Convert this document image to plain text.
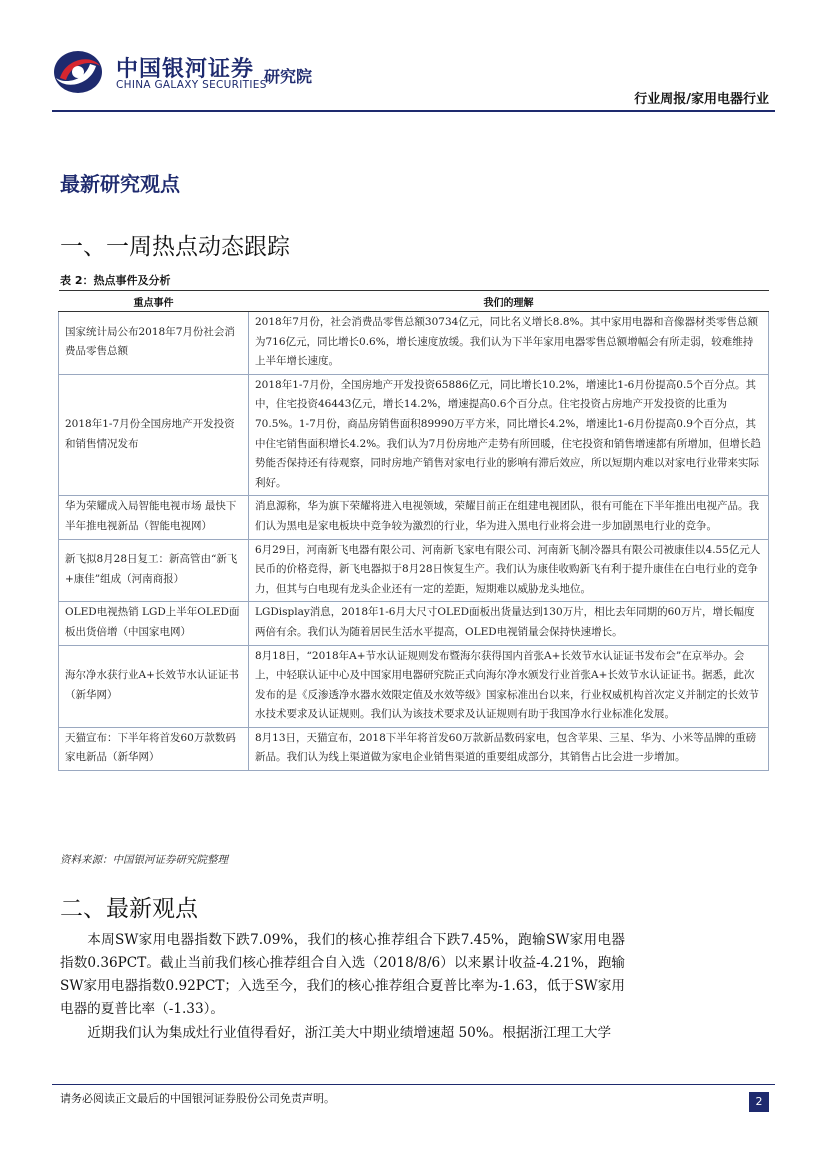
中国银河证券
CHINA GALAXY SECURITIES
研究院
行业周报/家用电器行业
最新研究观点
一、一周热点动态跟踪
表 2：热点事件及分析
重点事件	我们的理解
国家统计局公布2018年7月份社会消费品零售总额	2018年7月份，社会消费品零售总额30734亿元，同比名义增长8.8%。其中家用电器和音像器材类零售总额为716亿元，同比增长0.6%，增长速度放缓。我们认为下半年家用电器零售总额增幅会有所走弱，较难维持上半年增长速度。
2018年1-7月份全国房地产开发投资和销售情况发布	2018年1-7月份，全国房地产开发投资65886亿元，同比增长10.2%，增速比1-6月份提高0.5个百分点。其中，住宅投资46443亿元，增长14.2%，增速提高0.6个百分点。住宅投资占房地产开发投资的比重为70.5%。1-7月份，商品房销售面积89990万平方米，同比增长4.2%，增速比1-6月份提高0.9个百分点，其中住宅销售面积增长4.2%。我们认为7月份房地产走势有所回暖，住宅投资和销售增速都有所增加，但增长趋势能否保持还有待观察，同时房地产销售对家电行业的影响有滞后效应，所以短期内难以对家电行业带来实际利好。
华为荣耀成入局智能电视市场 最快下半年推电视新品（智能电视网）	消息源称，华为旗下荣耀将进入电视领域，荣耀目前正在组建电视团队，很有可能在下半年推出电视产品。我们认为黑电是家电板块中竞争较为激烈的行业，华为进入黑电行业将会进一步加剧黑电行业的竞争。
新飞拟8月28日复工：新高管由“新飞+康佳”组成（河南商报）	6月29日，河南新飞电器有限公司、河南新飞家电有限公司、河南新飞制冷器具有限公司被康佳以4.55亿元人民币的价格竞得，新飞电器拟于8月28日恢复生产。我们认为康佳收购新飞有利于提升康佳在白电行业的竞争力，但其与白电现有龙头企业还有一定的差距，短期难以威胁龙头地位。
OLED电视热销 LGD上半年OLED面板出货倍增（中国家电网）	LGDisplay消息，2018年1-6月大尺寸OLED面板出货量达到130万片，相比去年同期的60万片，增长幅度两倍有余。我们认为随着居民生活水平提高，OLED电视销量会保持快速增长。
海尔净水获行业A+长效节水认证证书（新华网）	8月18日，“2018年A+节水认证规则发布暨海尔获得国内首张A+长效节水认证证书发布会”在京举办。会上，中轻联认证中心及中国家用电器研究院正式向海尔净水颁发行业首张A+长效节水认证证书。据悉，此次发布的是《反渗透净水器水效限定值及水效等级》国家标准出台以来，行业权威机构首次定义并制定的长效节水技术要求及认证规则。我们认为该技术要求及认证规则有助于我国净水行业标准化发展。
天猫宣布：下半年将首发60万款数码家电新品（新华网）	8月13日，天猫宣布，2018下半年将首发60万款新品数码家电，包含苹果、三星、华为、小米等品牌的重磅新品。我们认为线上渠道做为家电企业销售渠道的重要组成部分，其销售占比会进一步增加。
资料来源：中国银河证券研究院整理
二、最新观点

本周SW家用电器指数下跌7.09%，我们的核心推荐组合下跌7.45%，跑输SW家用电器指数0.36PCT。截止当前我们核心推荐组合自入选（2018/8/6）以来累计收益-4.21%，跑输SW家用电器指数0.92PCT；入选至今，我们的核心推荐组合夏普比率为-1.63，低于SW家用电器的夏普比率（-1.33）。

近期我们认为集成灶行业值得看好，浙江美大中期业绩增速超 50%。根据浙江理工大学

请务必阅读正文最后的中国银河证券股份公司免责声明。	2
